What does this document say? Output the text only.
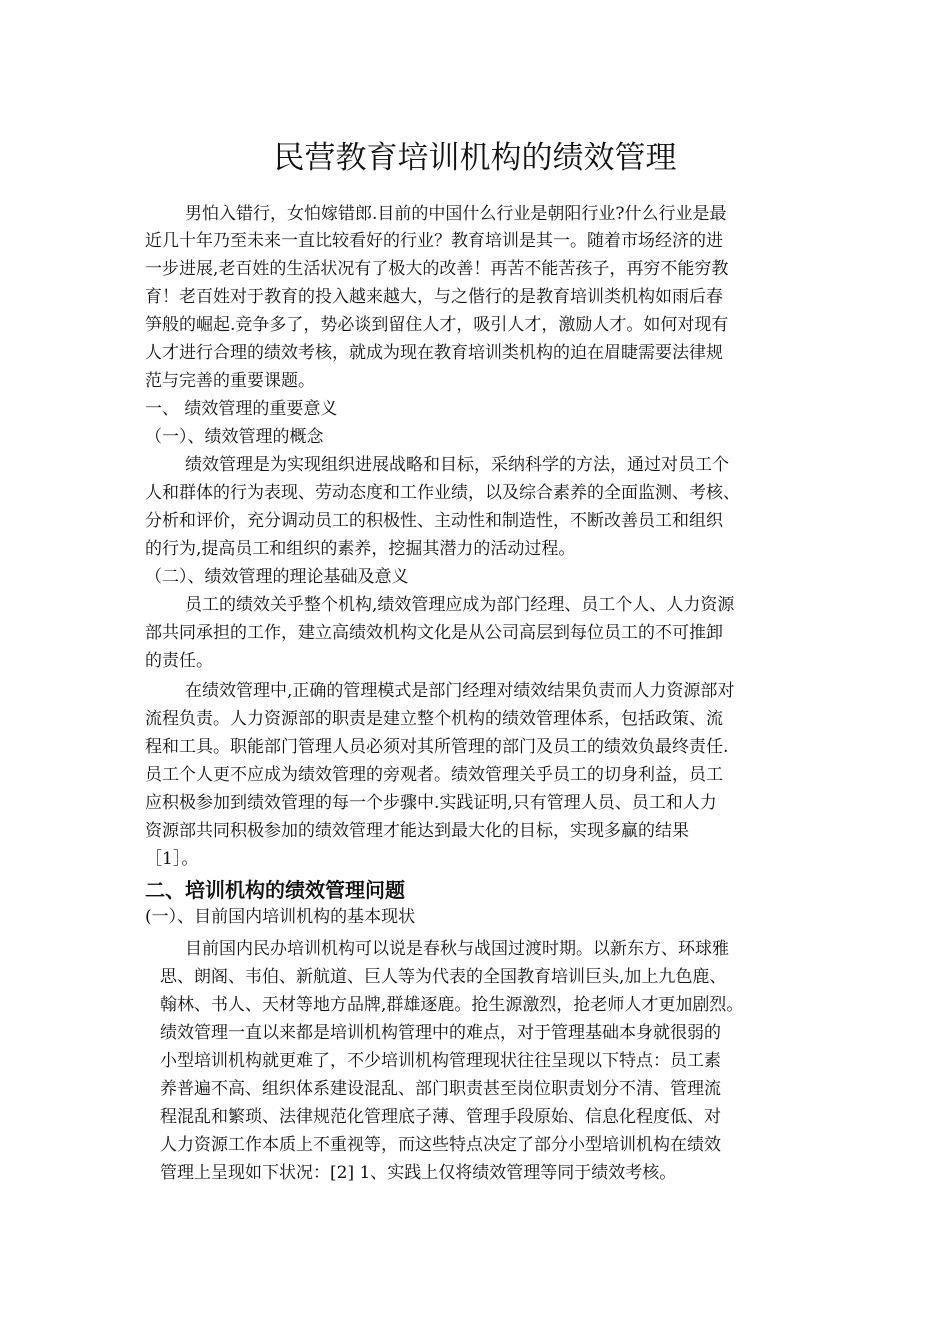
民营教育培训机构的绩效管理
男怕入错行，女怕嫁错郎.目前的中国什么行业是朝阳行业?什么行业是最
近几十年乃至未来一直比较看好的行业？教育培训是其一。随着市场经济的进
一步进展,老百姓的生活状况有了极大的改善！再苦不能苦孩子，再穷不能穷教
育！老百姓对于教育的投入越来越大，与之偕行的是教育培训类机构如雨后春
笋般的崛起.竞争多了，势必谈到留住人才，吸引人才，激励人才。如何对现有
人才进行合理的绩效考核，就成为现在教育培训类机构的迫在眉睫需要法律规
范与完善的重要课题。
一、 绩效管理的重要意义
（一）、绩效管理的概念
绩效管理是为实现组织进展战略和目标，采纳科学的方法，通过对员工个
人和群体的行为表现、劳动态度和工作业绩，以及综合素养的全面监测、考核、
分析和评价，充分调动员工的积极性、主动性和制造性，不断改善员工和组织
的行为,提高员工和组织的素养，挖掘其潜力的活动过程。
（二）、绩效管理的理论基础及意义
员工的绩效关乎整个机构,绩效管理应成为部门经理、员工个人、人力资源
部共同承担的工作，建立高绩效机构文化是从公司高层到每位员工的不可推卸
的责任。
在绩效管理中,正确的管理模式是部门经理对绩效结果负责而人力资源部对
流程负责。人力资源部的职责是建立整个机构的绩效管理体系，包括政策、流
程和工具。职能部门管理人员必须对其所管理的部门及员工的绩效负最终责任.
员工个人更不应成为绩效管理的旁观者。绩效管理关乎员工的切身利益，员工
应积极参加到绩效管理的每一个步骤中.实践证明,只有管理人员、员工和人力
资源部共同积极参加的绩效管理才能达到最大化的目标，实现多赢的结果
［1］。
二、培训机构的绩效管理问题
(一）、目前国内培训机构的基本现状
目前国内民办培训机构可以说是春秋与战国过渡时期。以新东方、环球雅
思、朗阁、韦伯、新航道、巨人等为代表的全国教育培训巨头,加上九色鹿、
翰林、书人、天材等地方品牌,群雄逐鹿。抢生源激烈，抢老师人才更加剧烈。
绩效管理一直以来都是培训机构管理中的难点，对于管理基础本身就很弱的
小型培训机构就更难了，不少培训机构管理现状往往呈现以下特点：员工素
养普遍不高、组织体系建设混乱、部门职责甚至岗位职责划分不清、管理流
程混乱和繁琐、法律规范化管理底子薄、管理手段原始、信息化程度低、对
人力资源工作本质上不重视等，而这些特点决定了部分小型培训机构在绩效
管理上呈现如下状况：[2] 1、实践上仅将绩效管理等同于绩效考核。
